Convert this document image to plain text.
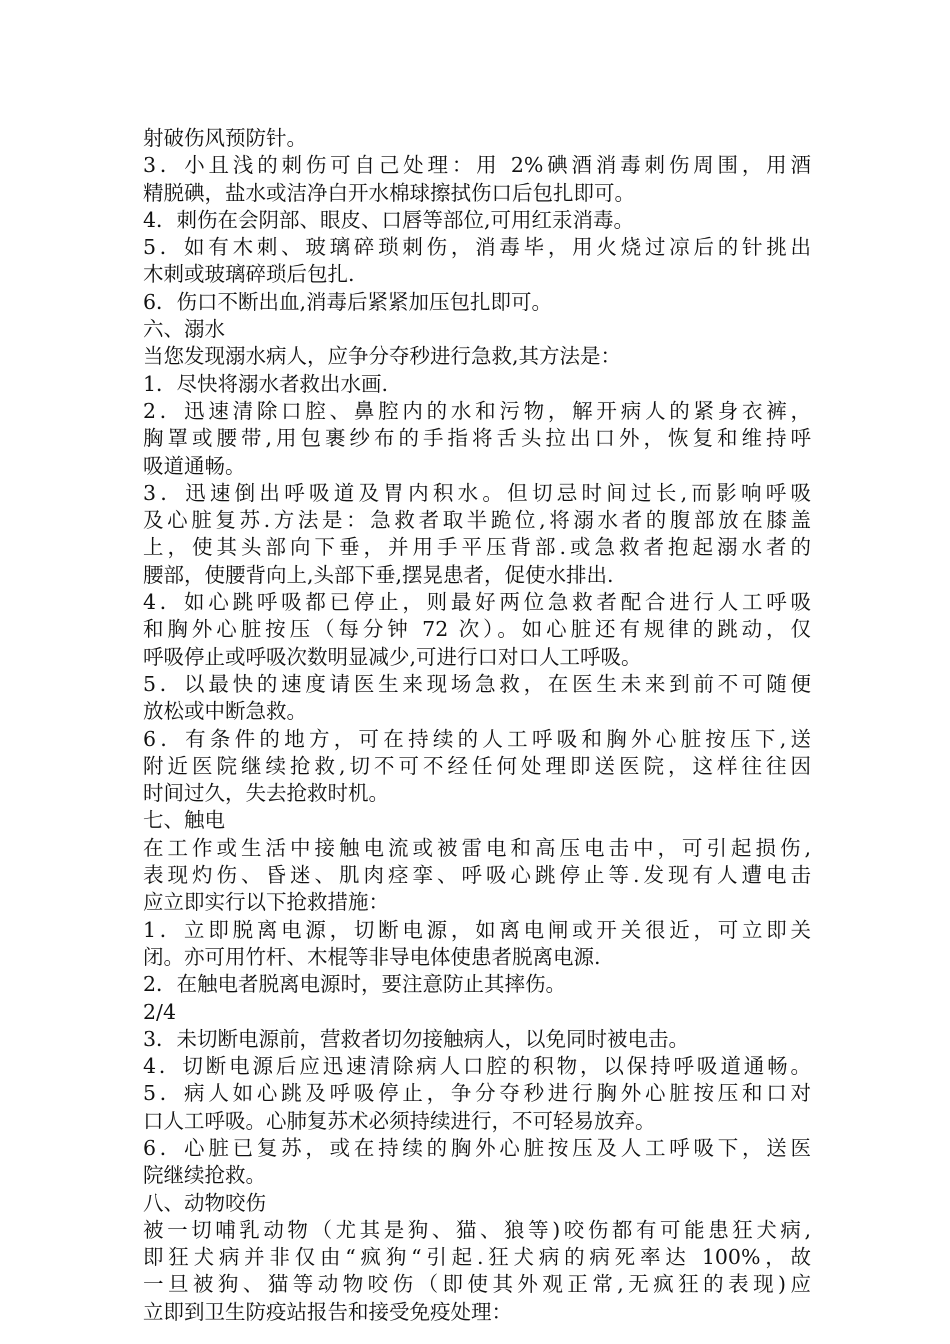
射破伤风预防针。
3．小且浅的刺伤可自己处理：用 2%碘酒消毒刺伤周围，用酒
精脱碘，盐水或洁净白开水棉球擦拭伤口后包扎即可。
4．刺伤在会阴部、眼皮、口唇等部位,可用红汞消毒。
5．如有木刺、玻璃碎琐刺伤，消毒毕，用火烧过凉后的针挑出
木刺或玻璃碎琐后包扎.
6．伤口不断出血,消毒后紧紧加压包扎即可。
六、溺水
当您发现溺水病人，应争分夺秒进行急救,其方法是：
1．尽快将溺水者救出水画.
2．迅速清除口腔、鼻腔内的水和污物，解开病人的紧身衣裤，
胸罩或腰带,用包裹纱布的手指将舌头拉出口外，恢复和维持呼
吸道通畅。
3．迅速倒出呼吸道及胃内积水。但切忌时间过长,而影响呼吸
及心脏复苏.方法是：急救者取半跪位,将溺水者的腹部放在膝盖
上，使其头部向下垂，并用手平压背部.或急救者抱起溺水者的
腰部，使腰背向上,头部下垂,摆晃患者，促使水排出.
4．如心跳呼吸都已停止，则最好两位急救者配合进行人工呼吸
和胸外心脏按压（每分钟 72 次）。如心脏还有规律的跳动，仅
呼吸停止或呼吸次数明显减少,可进行口对口人工呼吸。
5．以最快的速度请医生来现场急救，在医生未来到前不可随便
放松或中断急救。
6．有条件的地方，可在持续的人工呼吸和胸外心脏按压下,送
附近医院继续抢救,切不可不经任何处理即送医院，这样往往因
时间过久，失去抢救时机。
七、触电
在工作或生活中接触电流或被雷电和高压电击中，可引起损伤,
表现灼伤、昏迷、肌肉痉挛、呼吸心跳停止等.发现有人遭电击
应立即实行以下抢救措施：
1．立即脱离电源，切断电源，如离电闸或开关很近，可立即关
闭。亦可用竹杆、木棍等非导电体使患者脱离电源.
2．在触电者脱离电源时，要注意防止其摔伤。
2/4
3．未切断电源前，营救者切勿接触病人，以免同时被电击。
4．切断电源后应迅速清除病人口腔的积物，以保持呼吸道通畅。
5．病人如心跳及呼吸停止，争分夺秒进行胸外心脏按压和口对
口人工呼吸。心肺复苏术必须持续进行，不可轻易放弃。
6．心脏已复苏，或在持续的胸外心脏按压及人工呼吸下，送医
院继续抢救。
八、动物咬伤
被一切哺乳动物（尤其是狗、猫、狼等)咬伤都有可能患狂犬病,
即狂犬病并非仅由“疯狗“引起.狂犬病的病死率达 100%，故
一旦被狗、猫等动物咬伤（即使其外观正常,无疯狂的表现)应
立即到卫生防疫站报告和接受免疫处理：
